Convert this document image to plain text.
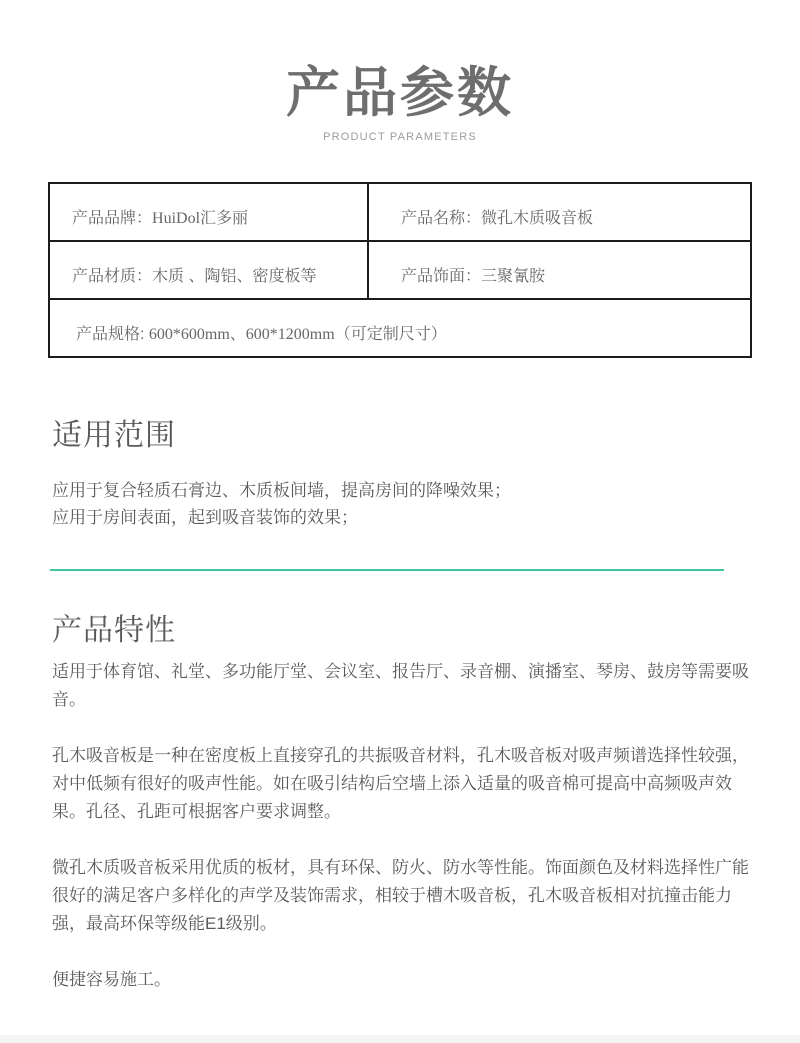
产品参数
PRODUCT PARAMETERS
产品品牌：HuiDol汇多丽	产品名称：微孔木质吸音板
产品材质：木质 、陶铝、密度板等	产品饰面：三聚氰胺
产品规格: 600*600mm、600*1200mm（可定制尺寸）	
适用范围
应用于复合轻质石膏边、木质板间墙，提高房间的降噪效果；
应用于房间表面，起到吸音装饰的效果；
产品特性

适用于体育馆、礼堂、多功能厅堂、会议室、报告厅、录音棚、演播室、琴房、鼓房等需要吸音。

孔木吸音板是一种在密度板上直接穿孔的共振吸音材料，孔木吸音板对吸声频谱选择性较强，对中低频有很好的吸声性能。如在吸引结构后空墙上添入适量的吸音棉可提高中高频吸声效果。孔径、孔距可根据客户要求调整。

微孔木质吸音板采用优质的板材，具有环保、防火、防水等性能。饰面颜色及材料选择性广能很好的满足客户多样化的声学及装饰需求，相较于槽木吸音板，孔木吸音板相对抗撞击能力强，最高环保等级能E1级别。

便捷容易施工。
